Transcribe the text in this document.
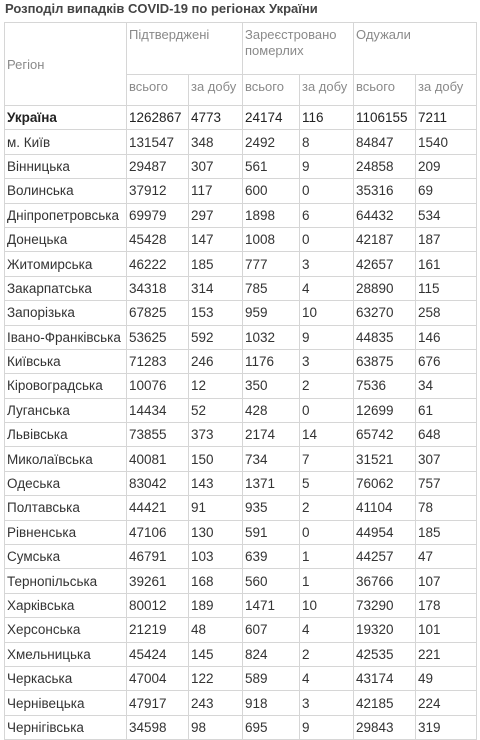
Розподіл випадків COVID-19 по регіонах України
Регіон	Підтверджені		Зареєстровано померлих		Одужали	
	всього	за добу	всього	за добу	всього	за добу
Україна	1262867	4773	24174	116	1106155	7211
м. Київ	131547	348	2492	8	84847	1540
Вінницька	29487	307	561	9	24858	209
Волинська	37912	117	600	0	35316	69
Дніпропетровська	69979	297	1898	6	64432	534
Донецька	45428	147	1008	0	42187	187
Житомирська	46222	185	777	3	42657	161
Закарпатська	34318	314	785	4	28890	115
Запорізька	67825	153	959	10	63270	258
Івано-Франківська	53625	592	1032	9	44835	146
Київська	71283	246	1176	3	63875	676
Кіровоградська	10076	12	350	2	7536	34
Луганська	14434	52	428	0	12699	61
Львівська	73855	373	2174	14	65742	648
Миколаївська	40081	150	734	7	31521	307
Одеська	83042	143	1371	5	76062	757
Полтавська	44421	91	935	2	41104	78
Рівненська	47106	130	591	0	44954	185
Сумська	46791	103	639	1	44257	47
Тернопільська	39261	168	560	1	36766	107
Харківська	80012	189	1471	10	73290	178
Херсонська	21219	48	607	4	19320	101
Хмельницька	45424	145	824	2	42535	221
Черкаська	47004	122	589	4	43174	49
Чернівецька	47917	243	918	3	42185	224
Чернігівська	34598	98	695	9	29843	319
